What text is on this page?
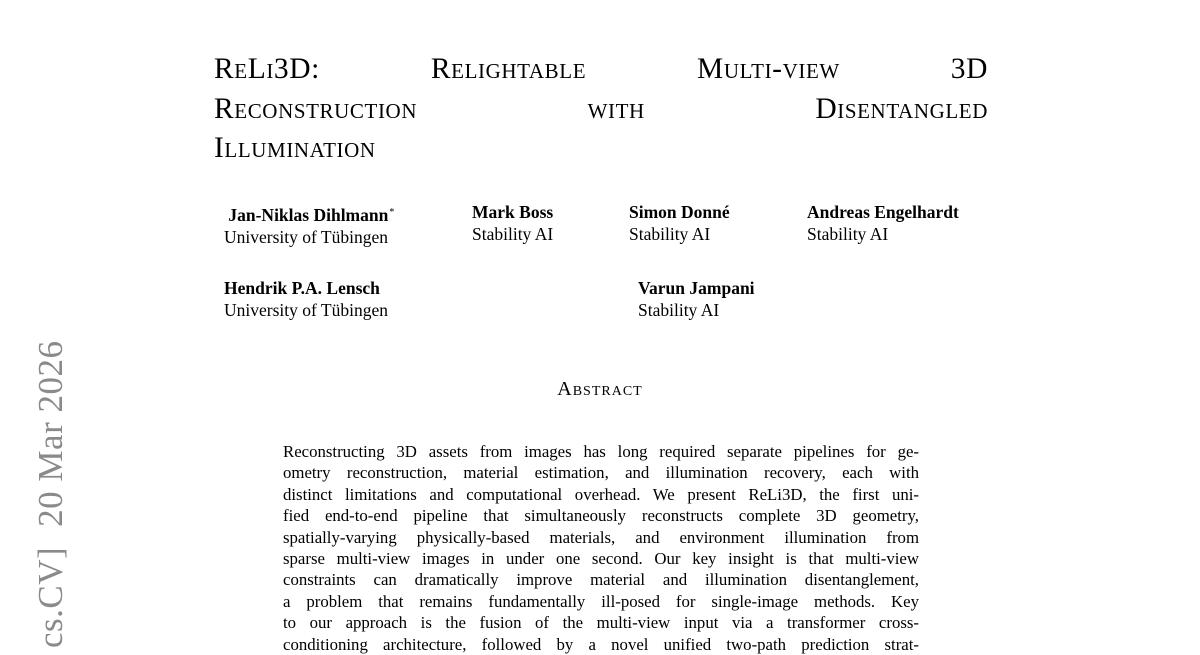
cs.CV]20 Mar 2026
ReLi3D:	Relightable	Multi-view	3D
Reconstruction	with	Disentangled
Illumination
Jan-Niklas Dihlmann*
University of Tübingen
Mark Boss
Stability AI
Simon Donné
Stability AI
Andreas Engelhardt
Stability AI
Hendrik P.A. Lensch
University of Tübingen
Varun Jampani
Stability AI
Abstract
Reconstructing 3D assets from images has long required separate pipelines for ge-
ometry reconstruction, material estimation, and illumination recovery, each with
distinct limitations and computational overhead. We present ReLi3D, the first uni-
fied end-to-end pipeline that simultaneously reconstructs complete 3D geometry,
spatially-varying physically-based materials, and environment illumination from
sparse multi-view images in under one second. Our key insight is that multi-view
constraints can dramatically improve material and illumination disentanglement,
a problem that remains fundamentally ill-posed for single-image methods. Key
to our approach is the fusion of the multi-view input via a transformer cross-
conditioning architecture, followed by a novel unified two-path prediction strat-
